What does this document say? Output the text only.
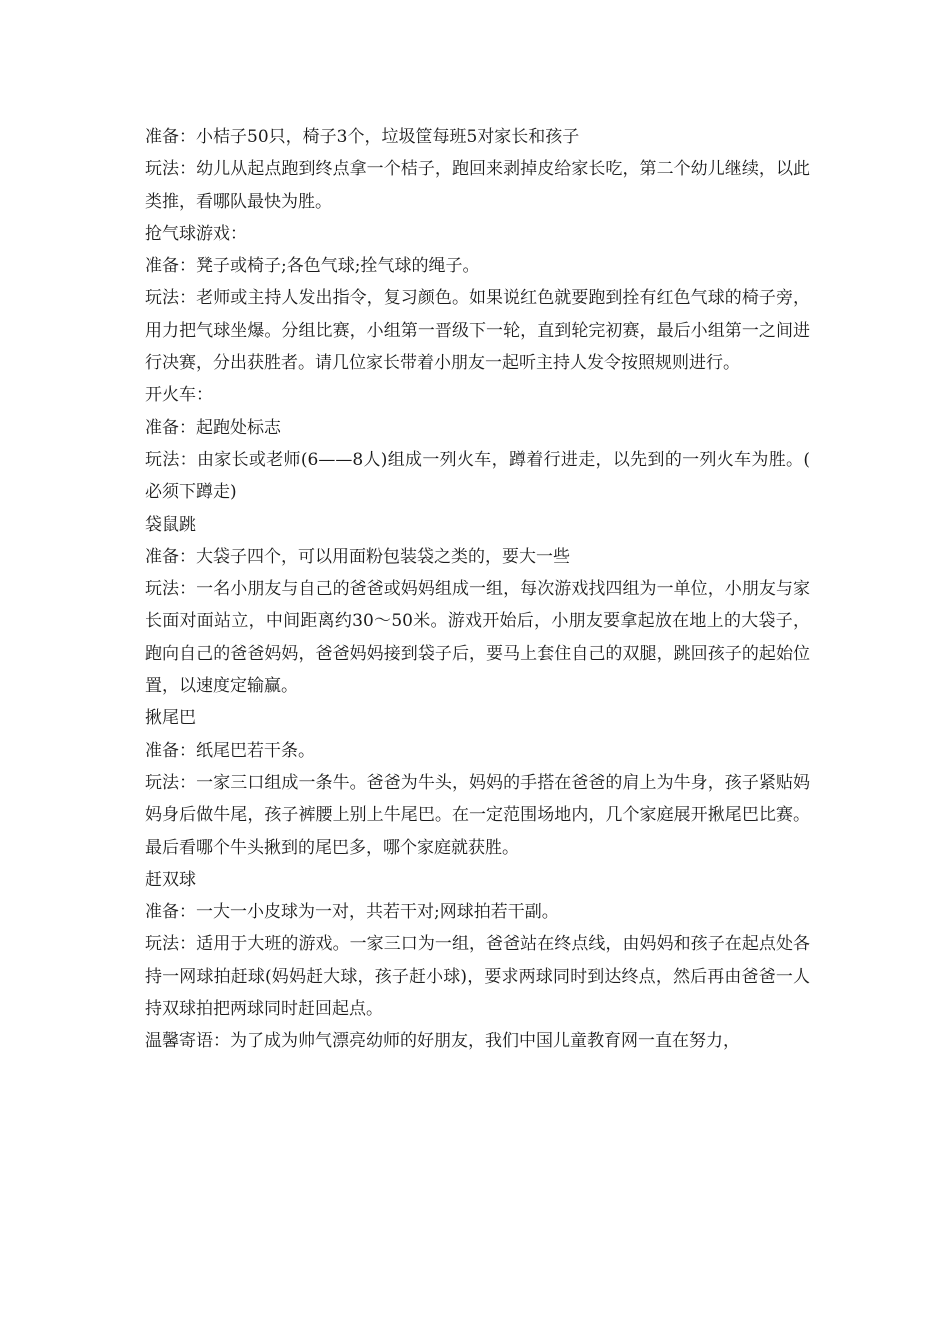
准备：小桔子50只，椅子3个，垃圾筐每班5对家长和孩子

玩法：幼儿从起点跑到终点拿一个桔子，跑回来剥掉皮给家长吃，第二个幼儿继续，以此类推，看哪队最快为胜。

抢气球游戏：

准备：凳子或椅子;各色气球;拴气球的绳子。

玩法：老师或主持人发出指令，复习颜色。如果说红色就要跑到拴有红色气球的椅子旁，用力把气球坐爆。分组比赛，小组第一晋级下一轮，直到轮完初赛，最后小组第一之间进行决赛，分出获胜者。请几位家长带着小朋友一起听主持人发令按照规则进行。

开火车：

准备：起跑处标志

玩法：由家长或老师(6——8人)组成一列火车，蹲着行进走，以先到的一列火车为胜。(必须下蹲走)

袋鼠跳

准备：大袋子四个，可以用面粉包装袋之类的，要大一些

玩法：一名小朋友与自己的爸爸或妈妈组成一组，每次游戏找四组为一单位，小朋友与家长面对面站立，中间距离约30～50米。游戏开始后，小朋友要拿起放在地上的大袋子，跑向自己的爸爸妈妈，爸爸妈妈接到袋子后，要马上套住自己的双腿，跳回孩子的起始位置，以速度定输赢。

揪尾巴

准备：纸尾巴若干条。

玩法：一家三口组成一条牛。爸爸为牛头，妈妈的手搭在爸爸的肩上为牛身，孩子紧贴妈妈身后做牛尾，孩子裤腰上别上牛尾巴。在一定范围场地内，几个家庭展开揪尾巴比赛。最后看哪个牛头揪到的尾巴多，哪个家庭就获胜。

赶双球

准备：一大一小皮球为一对，共若干对;网球拍若干副。

玩法：适用于大班的游戏。一家三口为一组，爸爸站在终点线，由妈妈和孩子在起点处各持一网球拍赶球(妈妈赶大球，孩子赶小球)，要求两球同时到达终点，然后再由爸爸一人持双球拍把两球同时赶回起点。

温馨寄语：为了成为帅气漂亮幼师的好朋友，我们中国儿童教育网一直在努力，
